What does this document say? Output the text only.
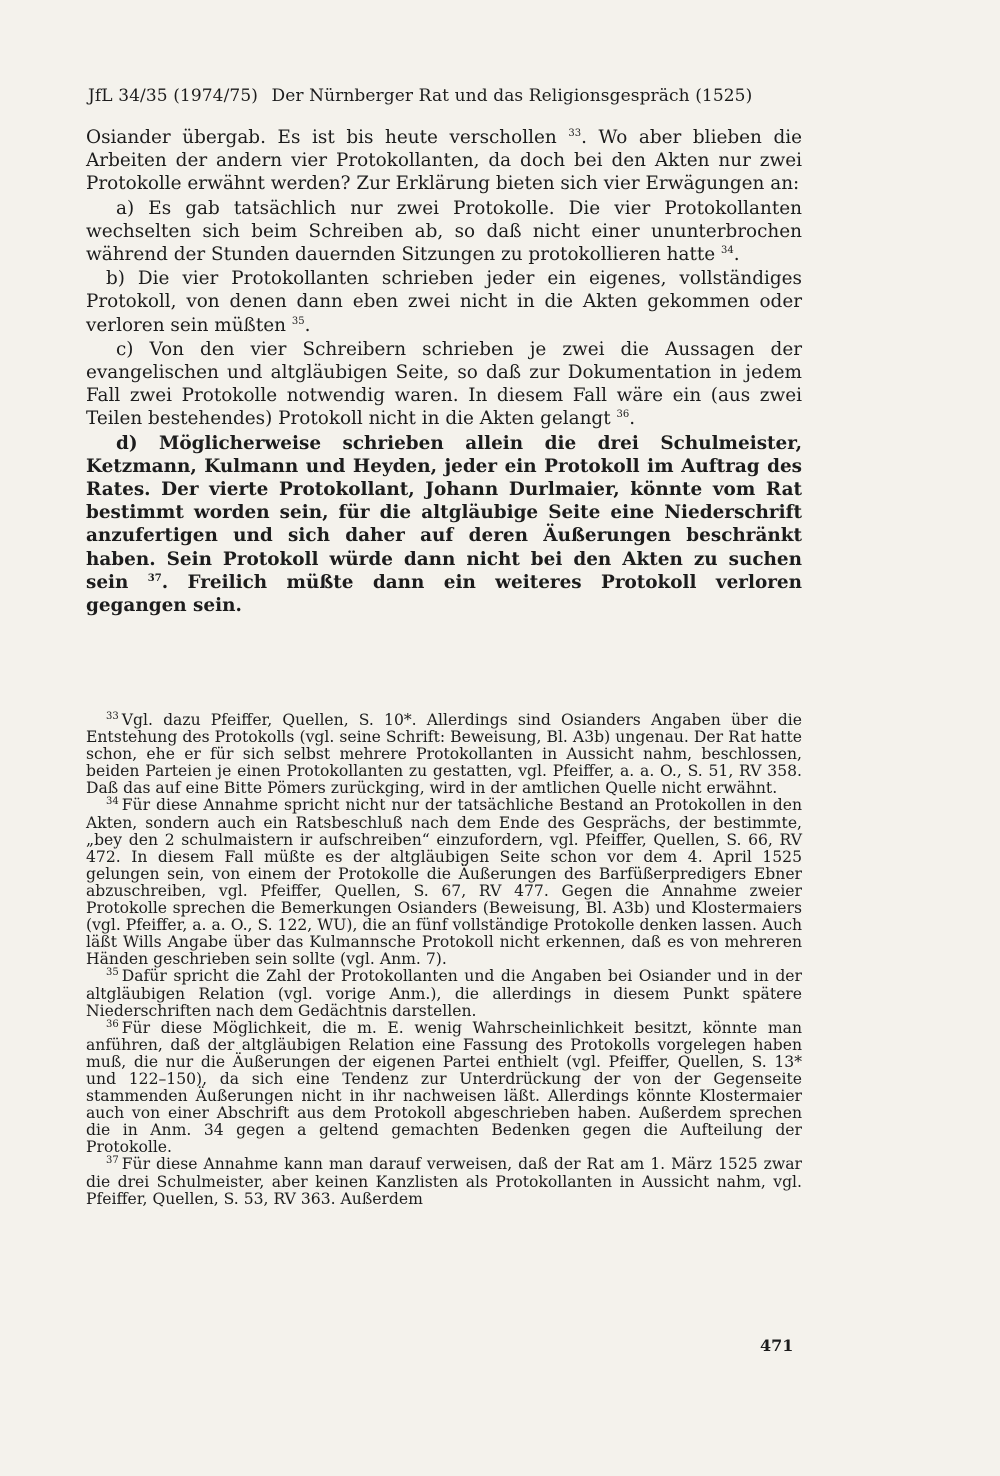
JfL 34/35 (1974/75) Der Nürnberger Rat und das Religionsgespräch (1525)

Osiander übergab. Es ist bis heute verschollen $^{33}$. Wo aber blieben die Arbeiten der andern vier Protokollanten, da doch bei den Akten nur zwei Protokolle erwähnt werden? Zur Erklärung bieten sich vier Erwägungen an:

a) Es gab tatsächlich nur zwei Protokolle. Die vier Protokollanten wechselten sich beim Schreiben ab, so daß nicht einer ununterbrochen während der Stunden dauernden Sitzungen zu protokollieren hatte $^{34}$.

b) Die vier Protokollanten schrieben jeder ein eigenes, vollständiges Protokoll, von denen dann eben zwei nicht in die Akten gekommen oder verloren sein müßten $^{35}$.

c) Von den vier Schreibern schrieben je zwei die Aussagen der evangelischen und altgläubigen Seite, so daß zur Dokumentation in jedem Fall zwei Protokolle notwendig waren. In diesem Fall wäre ein (aus zwei Teilen bestehendes) Protokoll nicht in die Akten gelangt $^{36}$.

d) Möglicherweise schrieben allein die drei Schulmeister, Ketzmann, Kulmann und Heyden, jeder ein Protokoll im Auftrag des Rates. Der vierte Protokollant, Johann Durlmaier, könnte vom Rat bestimmt worden sein, für die altgläubige Seite eine Niederschrift anzufertigen und sich daher auf deren Äußerungen beschränkt haben. Sein Protokoll würde dann nicht bei den Akten zu suchen sein $^{37}$. Freilich müßte dann ein weiteres Protokoll verloren gegangen sein.

$^{33}$ Vgl. dazu Pfeiffer, Quellen, S. 10*. Allerdings sind Osianders Angaben über die Entstehung des Protokolls (vgl. seine Schrift: Beweisung, Bl. A3b) ungenau. Der Rat hatte schon, ehe er für sich selbst mehrere Protokollanten in Aussicht nahm, beschlossen, beiden Parteien je einen Protokollanten zu gestatten, vgl. Pfeiffer, a. a. O., S. 51, RV 358. Daß das auf eine Bitte Pömers zurückging, wird in der amtlichen Quelle nicht erwähnt.

$^{34}$ Für diese Annahme spricht nicht nur der tatsächliche Bestand an Protokollen in den Akten, sondern auch ein Ratsbeschluß nach dem Ende des Gesprächs, der bestimmte, „bey den 2 schulmaistern ir aufschreiben“ einzufordern, vgl. Pfeiffer, Quellen, S. 66, RV 472. In diesem Fall müßte es der altgläubigen Seite schon vor dem 4. April 1525 gelungen sein, von einem der Protokolle die Äußerungen des Barfüßerpredigers Ebner abzuschreiben, vgl. Pfeiffer, Quellen, S. 67, RV 477. Gegen die Annahme zweier Protokolle sprechen die Bemerkungen Osianders (Beweisung, Bl. A3b) und Klostermaiers (vgl. Pfeiffer, a. a. O., S. 122, WU), die an fünf vollständige Protokolle denken lassen. Auch läßt Wills Angabe über das Kulmannsche Protokoll nicht erkennen, daß es von mehreren Händen geschrieben sein sollte (vgl. Anm. 7).

$^{35}$ Dafür spricht die Zahl der Protokollanten und die Angaben bei Osiander und in der altgläubigen Relation (vgl. vorige Anm.), die allerdings in diesem Punkt spätere Niederschriften nach dem Gedächtnis darstellen.

$^{36}$ Für diese Möglichkeit, die m. E. wenig Wahrscheinlichkeit besitzt, könnte man anführen, daß der altgläubigen Relation eine Fassung des Protokolls vorgelegen haben muß, die nur die Äußerungen der eigenen Partei enthielt (vgl. Pfeiffer, Quellen, S. 13* und 122–150), da sich eine Tendenz zur Unterdrückung der von der Gegenseite stammenden Äußerungen nicht in ihr nachweisen läßt. Allerdings könnte Klostermaier auch von einer Abschrift aus dem Protokoll abgeschrieben haben. Außerdem sprechen die in Anm. 34 gegen a geltend gemachten Bedenken gegen die Aufteilung der Protokolle.

$^{37}$ Für diese Annahme kann man darauf verweisen, daß der Rat am 1. März 1525 zwar die drei Schulmeister, aber keinen Kanzlisten als Protokollanten in Aussicht nahm, vgl. Pfeiffer, Quellen, S. 53, RV 363. Außerdem

471
